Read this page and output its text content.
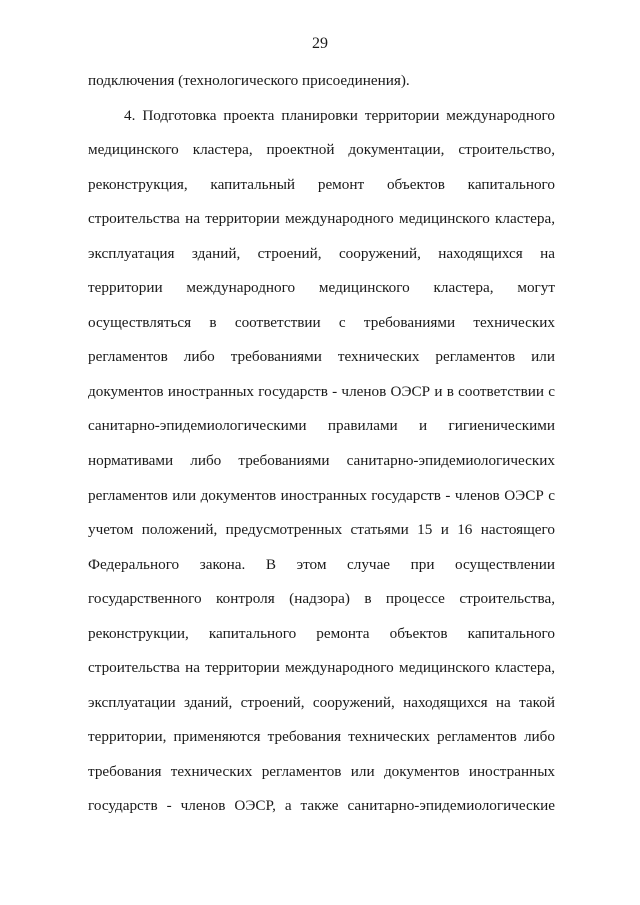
29
подключения (технологического присоединения).
4. Подготовка проекта планировки территории международного
медицинского кластера, проектной документации, строительство,
реконструкция, капитальный ремонт объектов капитального
строительства на территории международного медицинского кластера,
эксплуатация зданий, строений, сооружений, находящихся на
территории международного медицинского кластера, могут
осуществляться в соответствии с требованиями технических
регламентов либо требованиями технических регламентов или
документов иностранных государств - членов ОЭСР и в соответствии с
санитарно-эпидемиологическими правилами и гигиеническими
нормативами либо требованиями санитарно-эпидемиологических
регламентов или документов иностранных государств - членов ОЭСР с
учетом положений, предусмотренных статьями 15 и 16 настоящего
Федерального закона. В этом случае при осуществлении
государственного контроля (надзора) в процессе строительства,
реконструкции, капитального ремонта объектов капитального
строительства на территории международного медицинского кластера,
эксплуатации зданий, строений, сооружений, находящихся на такой
территории, применяются требования технических регламентов либо
требования технических регламентов или документов иностранных
государств - членов ОЭСР, а также санитарно-эпидемиологические
